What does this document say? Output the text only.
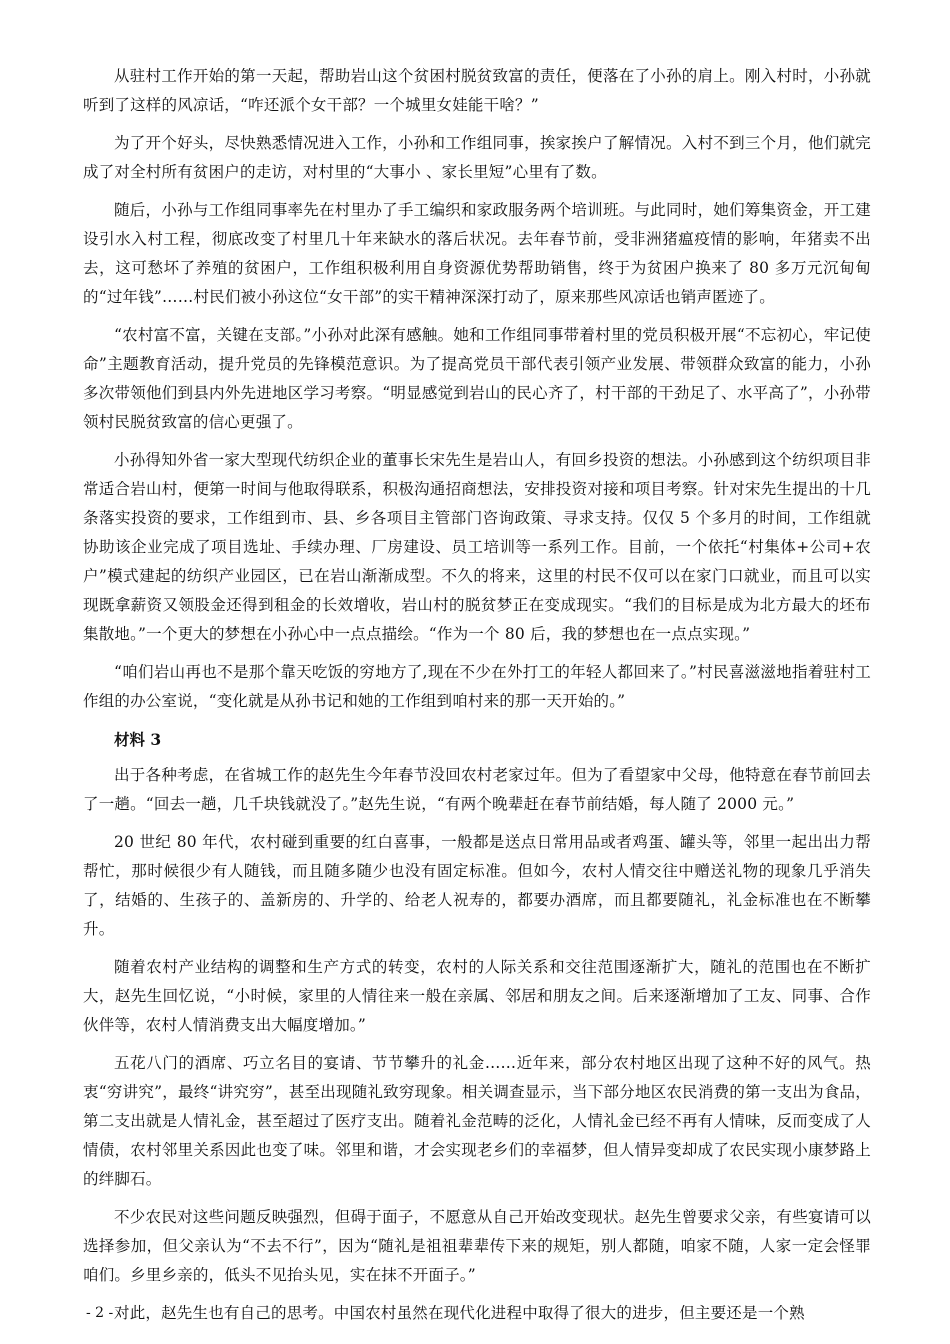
从驻村工作开始的第一天起，帮助岩山这个贫困村脱贫致富的责任，便落在了小孙的肩上。刚入村时，小孙就听到了这样的风凉话，“咋还派个女干部？一个城里女娃能干啥？”

为了开个好头，尽快熟悉情况进入工作，小孙和工作组同事，挨家挨户了解情况。入村不到三个月，他们就完成了对全村所有贫困户的走访，对村里的“大事小 、家长里短”心里有了数。

随后，小孙与工作组同事率先在村里办了手工编织和家政服务两个培训班。与此同时，她们筹集资金，开工建设引水入村工程，彻底改变了村里几十年来缺水的落后状况。去年春节前，受非洲猪瘟疫情的影响，年猪卖不出去，这可愁坏了养殖的贫困户，工作组积极利用自身资源优势帮助销售，终于为贫困户换来了 80 多万元沉甸甸的“过年钱”……村民们被小孙这位“女干部”的实干精神深深打动了，原来那些风凉话也销声匿迹了。

“农村富不富，关键在支部。”小孙对此深有感触。她和工作组同事带着村里的党员积极开展“不忘初心，牢记使命”主题教育活动，提升党员的先锋模范意识。为了提高党员干部代表引领产业发展、带领群众致富的能力，小孙多次带领他们到县内外先进地区学习考察。“明显感觉到岩山的民心齐了，村干部的干劲足了、水平高了”，小孙带领村民脱贫致富的信心更强了。

小孙得知外省一家大型现代纺织企业的董事长宋先生是岩山人，有回乡投资的想法。小孙感到这个纺织项目非常适合岩山村，便第一时间与他取得联系，积极沟通招商想法，安排投资对接和项目考察。针对宋先生提出的十几条落实投资的要求，工作组到市、县、乡各项目主管部门咨询政策、寻求支持。仅仅 5 个多月的时间，工作组就协助该企业完成了项目选址、手续办理、厂房建设、员工培训等一系列工作。目前，一个依托“村集体+公司+农户”模式建起的纺织产业园区，已在岩山渐渐成型。不久的将来，这里的村民不仅可以在家门口就业，而且可以实现既拿薪资又领股金还得到租金的长效增收，岩山村的脱贫梦正在变成现实。“我们的目标是成为北方最大的坯布集散地。”一个更大的梦想在小孙心中一点点描绘。“作为一个 80 后，我的梦想也在一点点实现。”

“咱们岩山再也不是那个靠天吃饭的穷地方了,现在不少在外打工的年轻人都回来了。”村民喜滋滋地指着驻村工作组的办公室说，“变化就是从孙书记和她的工作组到咱村来的那一天开始的。”

材料 3

出于各种考虑，在省城工作的赵先生今年春节没回农村老家过年。但为了看望家中父母，他特意在春节前回去了一趟。“回去一趟，几千块钱就没了。”赵先生说，“有两个晚辈赶在春节前结婚，每人随了 2000 元。”

20 世纪 80 年代，农村碰到重要的红白喜事，一般都是送点日常用品或者鸡蛋、罐头等，邻里一起出出力帮帮忙，那时候很少有人随钱，而且随多随少也没有固定标准。但如今，农村人情交往中赠送礼物的现象几乎消失了，结婚的、生孩子的、盖新房的、升学的、给老人祝寿的，都要办酒席，而且都要随礼，礼金标准也在不断攀升。

随着农村产业结构的调整和生产方式的转变，农村的人际关系和交往范围逐渐扩大，随礼的范围也在不断扩大，赵先生回忆说，“小时候，家里的人情往来一般在亲属、邻居和朋友之间。后来逐渐增加了工友、同事、合作伙伴等，农村人情消费支出大幅度增加。”

五花八门的酒席、巧立名目的宴请、节节攀升的礼金……近年来，部分农村地区出现了这种不好的风气。热衷“穷讲究”，最终“讲究穷”，甚至出现随礼致穷现象。相关调查显示，当下部分地区农民消费的第一支出为食品，第二支出就是人情礼金，甚至超过了医疗支出。随着礼金范畴的泛化，人情礼金已经不再有人情味，反而变成了人情债，农村邻里关系因此也变了味。邻里和谐，才会实现老乡们的幸福梦，但人情异变却成了农民实现小康梦路上的绊脚石。

不少农民对这些问题反映强烈，但碍于面子，不愿意从自己开始改变现状。赵先生曾要求父亲，有些宴请可以选择参加，但父亲认为“不去不行”，因为“随礼是祖祖辈辈传下来的规矩，别人都随，咱家不随，人家一定会怪罪咱们。乡里乡亲的，低头不见抬头见，实在抹不开面子。”

对此，赵先生也有自己的思考。中国农村虽然在现代化进程中取得了很大的进步，但主要还是一个熟

- 2 -
